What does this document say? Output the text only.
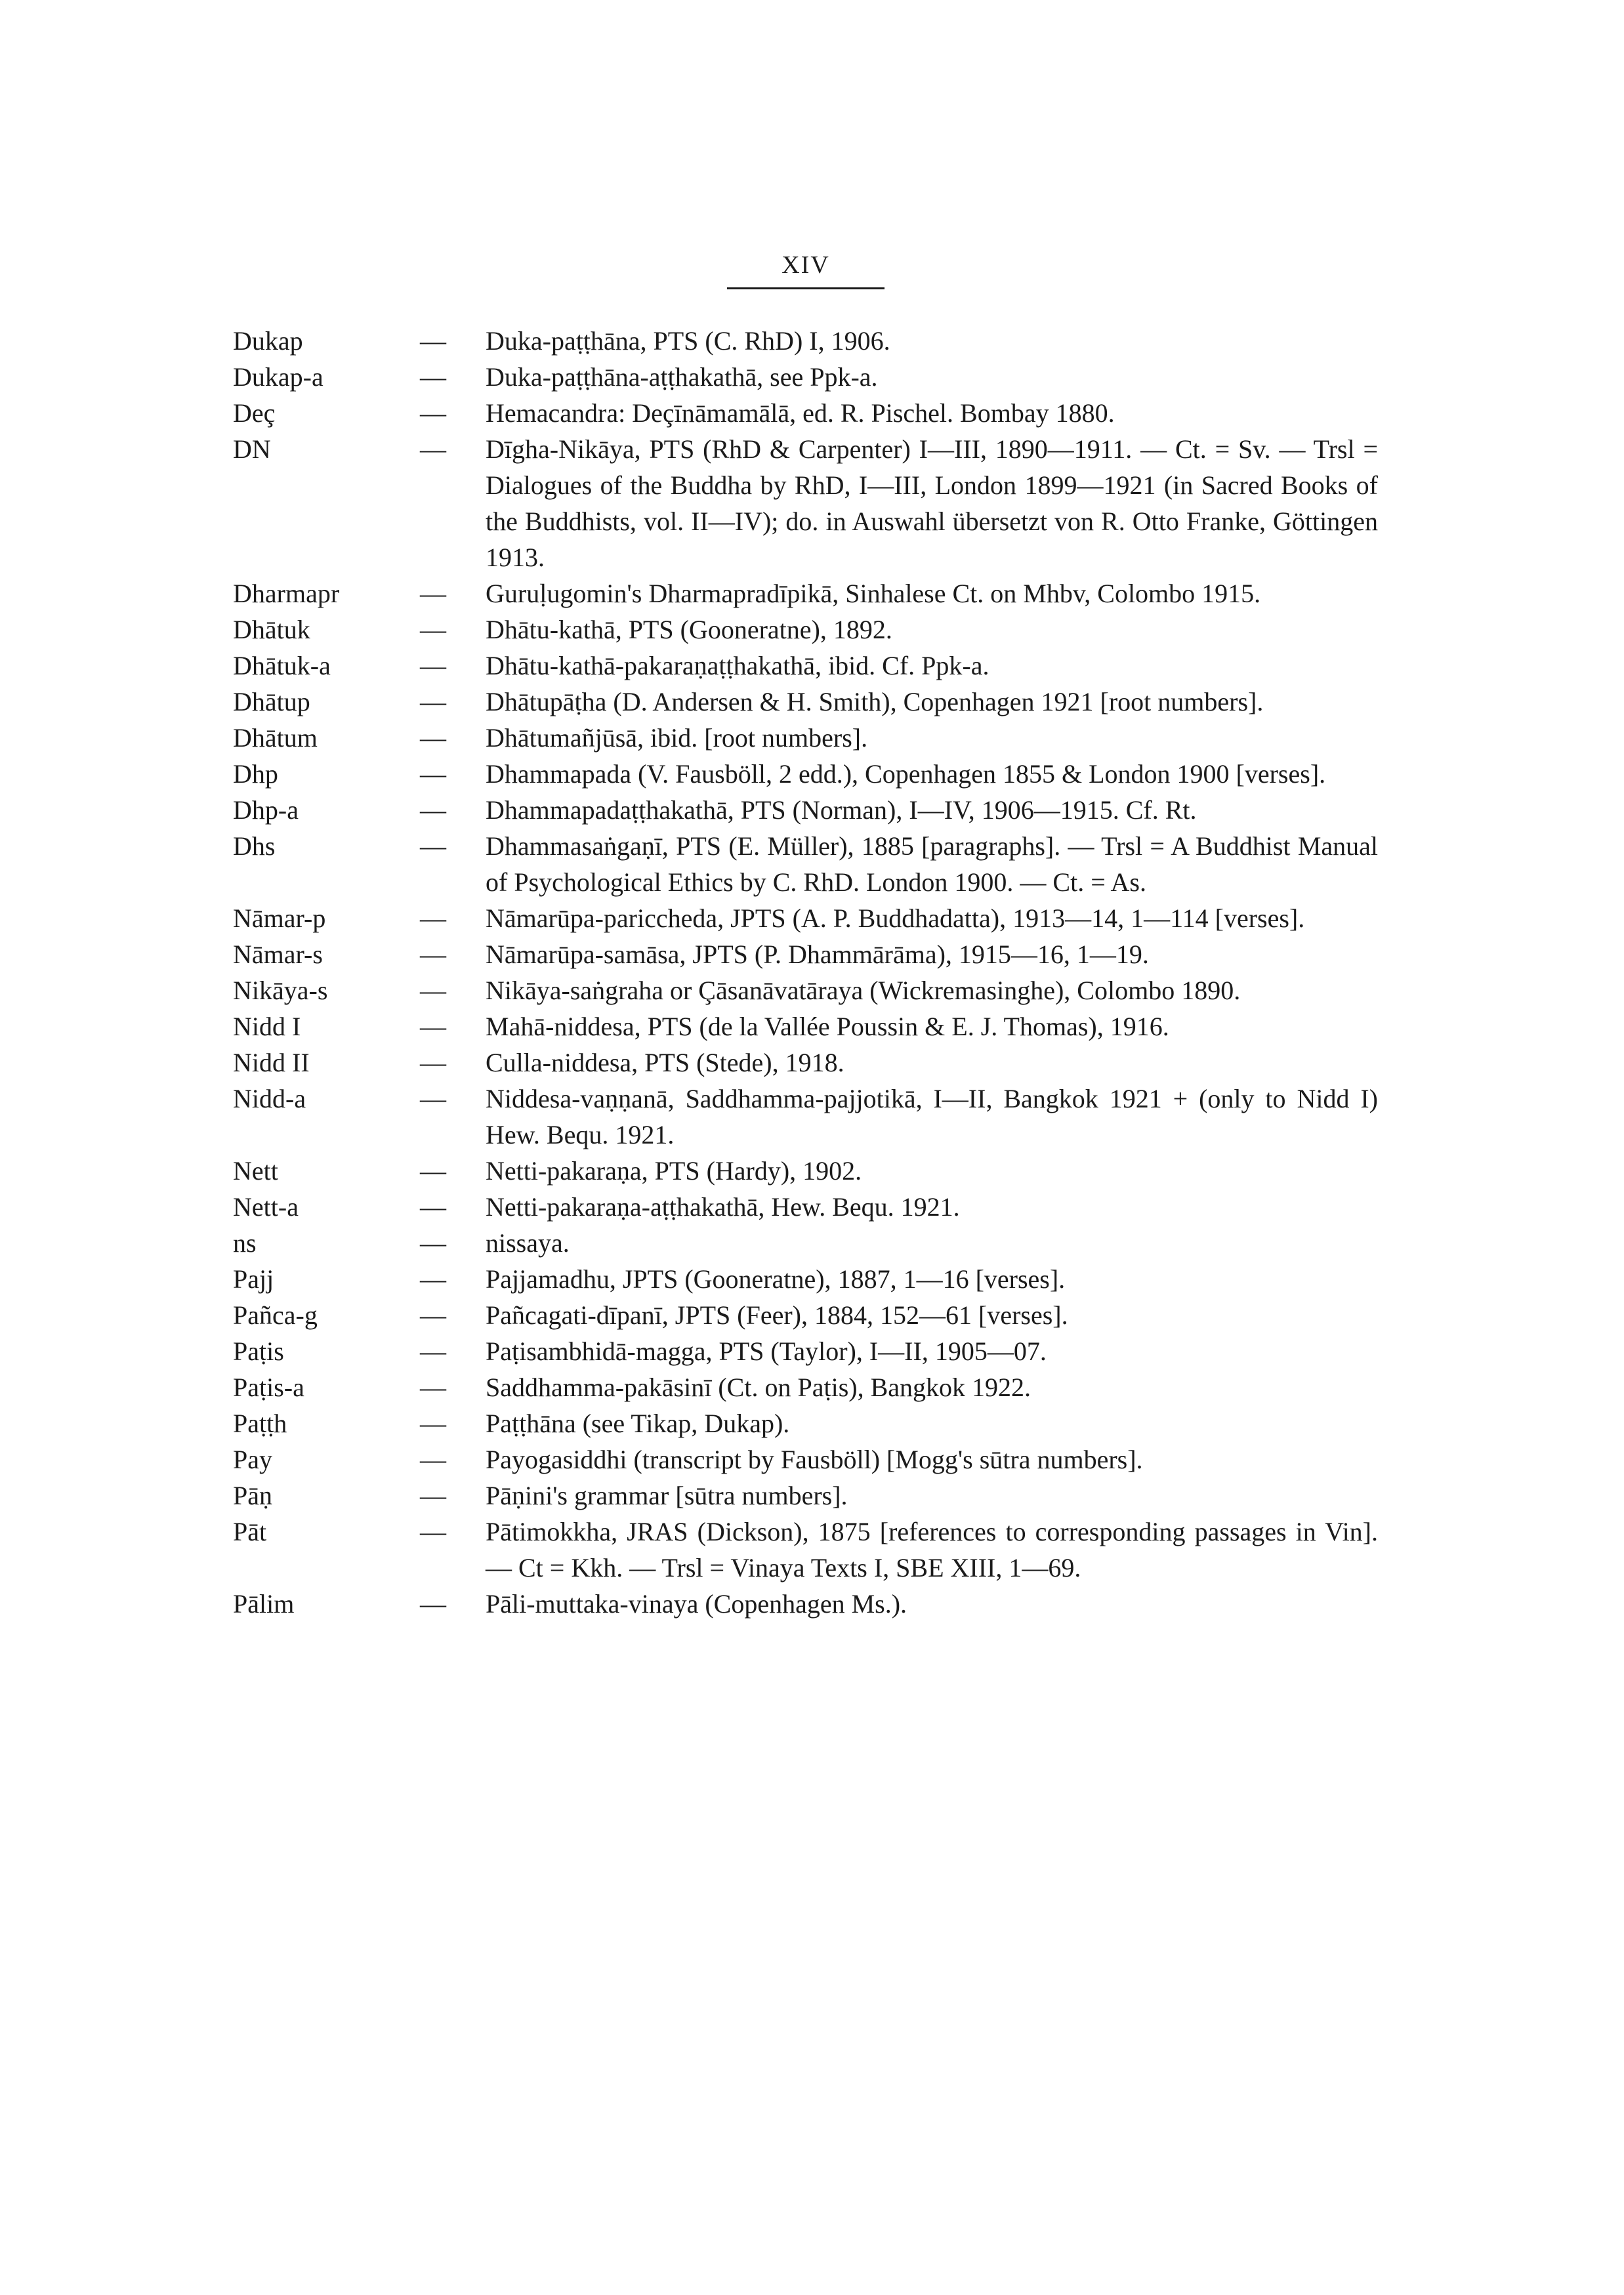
XIV
Dukap	—	Duka-paṭṭhāna, PTS (C. RhD) I, 1906.
Dukap-a	—	Duka-paṭṭhāna-aṭṭhakathā, see Ppk-a.
Deç	—	Hemacandra: Deçīnāmamālā, ed. R. Pischel. Bombay 1880.
DN	—	Dīgha-Nikāya, PTS (RhD & Carpenter) I—III, 1890—1911. — Ct. = Sv. — Trsl = Dialogues of the Buddha by RhD, I—III, London 1899—1921 (in Sacred Books of the Buddhists, vol. II—IV); do. in Auswahl übersetzt von R. Otto Franke, Göttingen 1913.
Dharmapr	—	Guruḷugomin's Dharmapradīpikā, Sinhalese Ct. on Mhbv, Colombo 1915.
Dhātuk	—	Dhātu-kathā, PTS (Gooneratne), 1892.
Dhātuk-a	—	Dhātu-kathā-pakaraṇaṭṭhakathā, ibid. Cf. Ppk-a.
Dhātup	—	Dhātupāṭha (D. Andersen & H. Smith), Copenhagen 1921 [root numbers].
Dhātum	—	Dhātumañjūsā, ibid. [root numbers].
Dhp	—	Dhammapada (V. Fausböll, 2 edd.), Copenhagen 1855 & London 1900 [verses].
Dhp-a	—	Dhammapadaṭṭhakathā, PTS (Norman), I—IV, 1906—1915. Cf. Rt.
Dhs	—	Dhammasaṅgaṇī, PTS (E. Müller), 1885 [paragraphs]. — Trsl = A Buddhist Manual of Psychological Ethics by C. RhD. London 1900. — Ct. = As.
Nāmar-p	—	Nāmarūpa-pariccheda, JPTS (A. P. Buddhadatta), 1913—14, 1—114 [verses].
Nāmar-s	—	Nāmarūpa-samāsa, JPTS (P. Dhammārāma), 1915—16, 1—19.
Nikāya-s	—	Nikāya-saṅgraha or Çāsanāvatāraya (Wickremasinghe), Colombo 1890.
Nidd I	—	Mahā-niddesa, PTS (de la Vallée Poussin & E. J. Thomas), 1916.
Nidd II	—	Culla-niddesa, PTS (Stede), 1918.
Nidd-a	—	Niddesa-vaṇṇanā, Saddhamma-pajjotikā, I—II, Bangkok 1921 + (only to Nidd I) Hew. Bequ. 1921.
Nett	—	Netti-pakaraṇa, PTS (Hardy), 1902.
Nett-a	—	Netti-pakaraṇa-aṭṭhakathā, Hew. Bequ. 1921.
ns	—	nissaya.
Pajj	—	Pajjamadhu, JPTS (Gooneratne), 1887, 1—16 [verses].
Pañca-g	—	Pañcagati-dīpanī, JPTS (Feer), 1884, 152—61 [verses].
Paṭis	—	Paṭisambhidā-magga, PTS (Taylor), I—II, 1905—07.
Paṭis-a	—	Saddhamma-pakāsinī (Ct. on Paṭis), Bangkok 1922.
Paṭṭh	—	Paṭṭhāna (see Tikap, Dukap).
Pay	—	Payogasiddhi (transcript by Fausböll) [Mogg's sūtra numbers].
Pāṇ	—	Pāṇini's grammar [sūtra numbers].
Pāt	—	Pātimokkha, JRAS (Dickson), 1875 [references to corresponding passages in Vin]. — Ct = Kkh. — Trsl = Vinaya Texts I, SBE XIII, 1—69.
Pālim	—	Pāli-muttaka-vinaya (Copenhagen Ms.).
